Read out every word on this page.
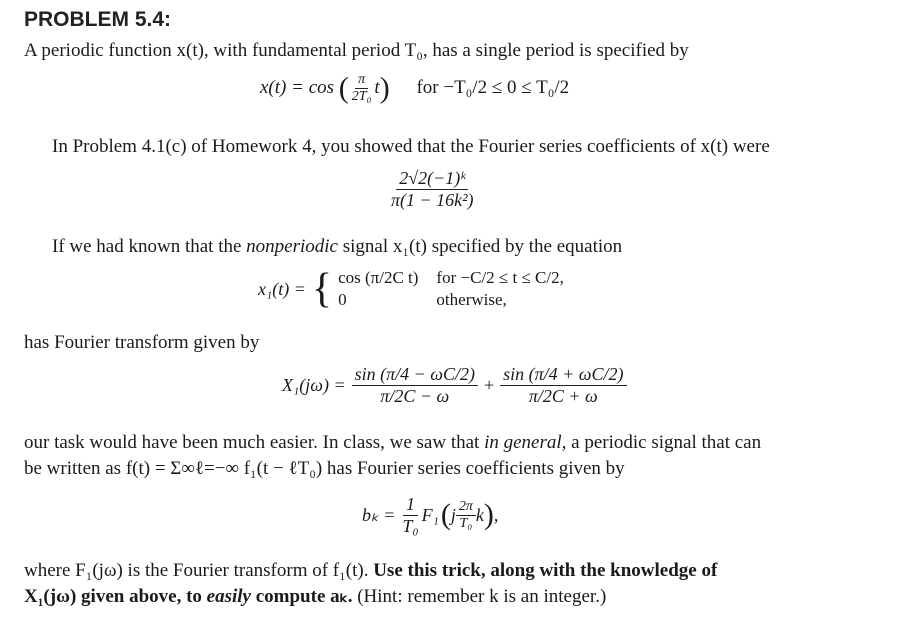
PROBLEM 5.4:
A periodic function x(t), with fundamental period T₀, has a single period is specified by
x(t) = cos ( $\frac{\pi}{\text{2T₀}} t$) for −T₀/2 ≤ 0 ≤ T₀/2
In Problem 4.1(c) of Homework 4, you showed that the Fourier series coefficients of x(t) were
$\frac{\text{2√2(−1)ᵏ}}{\text{π(1 − 16k²)}}$
If we had known that the nonperiodic signal x₁(t) specified by the equation
x₁(t) = { cos (π/2C t) for −C/2 ≤ t ≤ C/2,
0	otherwise,
has Fourier transform given by
$X_1(j\omega) = \frac{\sin (\pi/4 - \omega C/2)}{\pi/2C - \omega} + \frac{\sin (\pi/4 + \omega C/2)}{\pi/2C + \omega}$
our task would have been much easier. In class, we saw that in general, a periodic signal that can
be written as f(t) = Σ∞ℓ=−∞ f₁(t − ℓT₀) has Fourier series coefficients given by
$b_k = \frac{1}{\text{T₀}} F_1$ ( j $\frac{2\pi}{\text{T₀}}$ k ) ,
where F₁(jω) is the Fourier transform of f₁(t). Use this trick, along with the knowledge of
X₁(jω) given above, to easily compute aₖ. (Hint: remember k is an integer.)
